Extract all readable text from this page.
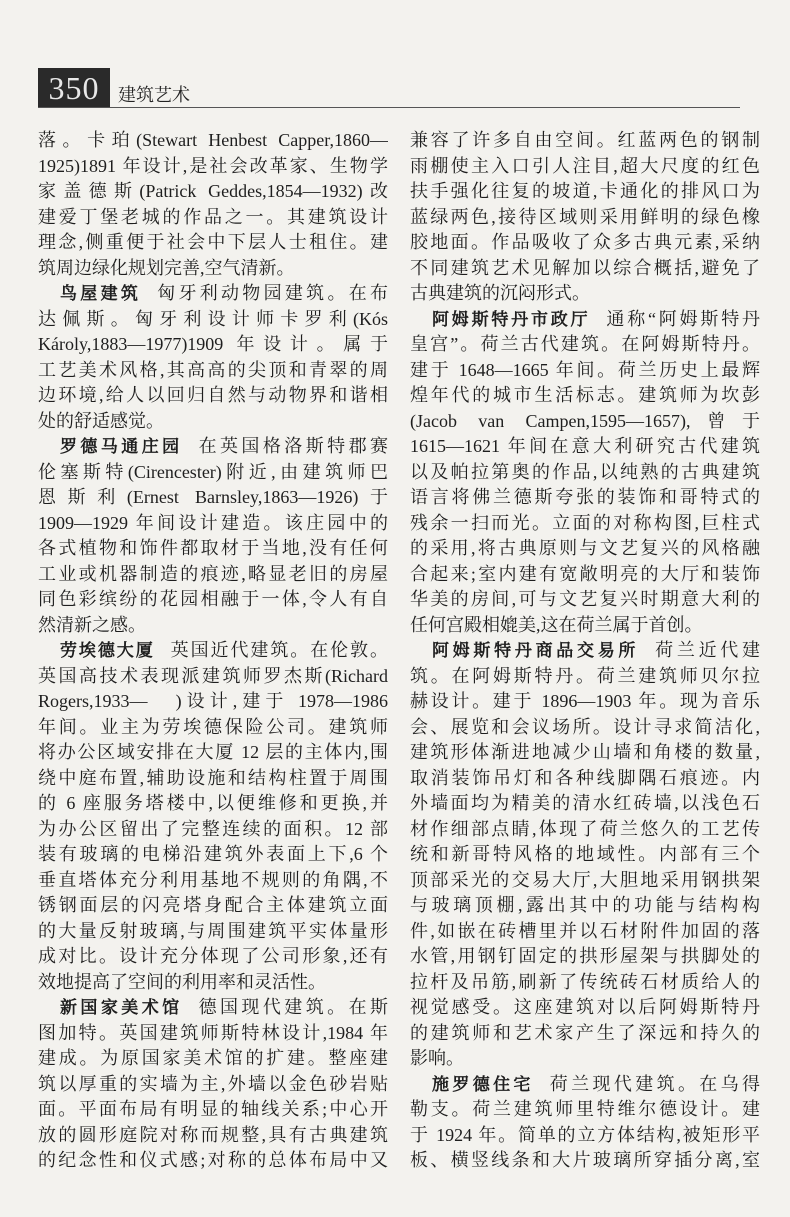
350	建筑艺术
落。卡珀(Stewart Henbest Capper,1860—
1925)1891 年设计,是社会改革家、生物学
家盖德斯(Patrick Geddes,1854—1932)改
建爱丁堡老城的作品之一。其建筑设计
理念,侧重便于社会中下层人士租住。建
筑周边绿化规划完善,空气清新。
鸟屋建筑 匈牙利动物园建筑。在布
达佩斯。匈牙利设计师卡罗利(Kós
Károly,1883—1977)1909 年设计。属于
工艺美术风格,其高高的尖顶和青翠的周
边环境,给人以回归自然与动物界和谐相
处的舒适感觉。
罗德马通庄园 在英国格洛斯特郡赛
伦塞斯特(Cirencester)附近,由建筑师巴
恩斯利(Ernest Barnsley,1863—1926)于
1909—1929 年间设计建造。该庄园中的
各式植物和饰件都取材于当地,没有任何
工业或机器制造的痕迹,略显老旧的房屋
同色彩缤纷的花园相融于一体,令人有自
然清新之感。
劳埃德大厦 英国近代建筑。在伦敦。
英国高技术表现派建筑师罗杰斯(Richard
Rogers,1933—　)设计,建于 1978—1986
年间。业主为劳埃德保险公司。建筑师
将办公区域安排在大厦 12 层的主体内,围
绕中庭布置,辅助设施和结构柱置于周围
的 6 座服务塔楼中,以便维修和更换,并
为办公区留出了完整连续的面积。12 部
装有玻璃的电梯沿建筑外表面上下,6 个
垂直塔体充分利用基地不规则的角隅,不
锈钢面层的闪亮塔身配合主体建筑立面
的大量反射玻璃,与周围建筑平实体量形
成对比。设计充分体现了公司形象,还有
效地提高了空间的利用率和灵活性。
新国家美术馆 德国现代建筑。在斯
图加特。英国建筑师斯特林设计,1984 年
建成。为原国家美术馆的扩建。整座建
筑以厚重的实墙为主,外墙以金色砂岩贴
面。平面布局有明显的轴线关系;中心开
放的圆形庭院对称而规整,具有古典建筑
的纪念性和仪式感;对称的总体布局中又
兼容了许多自由空间。红蓝两色的钢制
雨棚使主入口引人注目,超大尺度的红色
扶手强化往复的坡道,卡通化的排风口为
蓝绿两色,接待区域则采用鲜明的绿色橡
胶地面。作品吸收了众多古典元素,采纳
不同建筑艺术见解加以综合概括,避免了
古典建筑的沉闷形式。
阿姆斯特丹市政厅 通称“阿姆斯特丹
皇宫”。荷兰古代建筑。在阿姆斯特丹。
建于 1648—1665 年间。荷兰历史上最辉
煌年代的城市生活标志。建筑师为坎彭
(Jacob van Campen,1595—1657),曾于
1615—1621 年间在意大利研究古代建筑
以及帕拉第奥的作品,以纯熟的古典建筑
语言将佛兰德斯夸张的装饰和哥特式的
残余一扫而光。立面的对称构图,巨柱式
的采用,将古典原则与文艺复兴的风格融
合起来;室内建有宽敞明亮的大厅和装饰
华美的房间,可与文艺复兴时期意大利的
任何宫殿相媲美,这在荷兰属于首创。
阿姆斯特丹商品交易所 荷兰近代建
筑。在阿姆斯特丹。荷兰建筑师贝尔拉
赫设计。建于 1896—1903 年。现为音乐
会、展览和会议场所。设计寻求简洁化,
建筑形体渐进地减少山墙和角楼的数量,
取消装饰吊灯和各种线脚隅石痕迹。内
外墙面均为精美的清水红砖墙,以浅色石
材作细部点睛,体现了荷兰悠久的工艺传
统和新哥特风格的地域性。内部有三个
顶部采光的交易大厅,大胆地采用钢拱架
与玻璃顶棚,露出其中的功能与结构构
件,如嵌在砖槽里并以石材附件加固的落
水管,用钢钉固定的拱形屋架与拱脚处的
拉杆及吊筋,刷新了传统砖石材质给人的
视觉感受。这座建筑对以后阿姆斯特丹
的建筑师和艺术家产生了深远和持久的
影响。
施罗德住宅 荷兰现代建筑。在乌得
勒支。荷兰建筑师里特维尔德设计。建
于 1924 年。简单的立方体结构,被矩形平
板、横竖线条和大片玻璃所穿插分离,室
